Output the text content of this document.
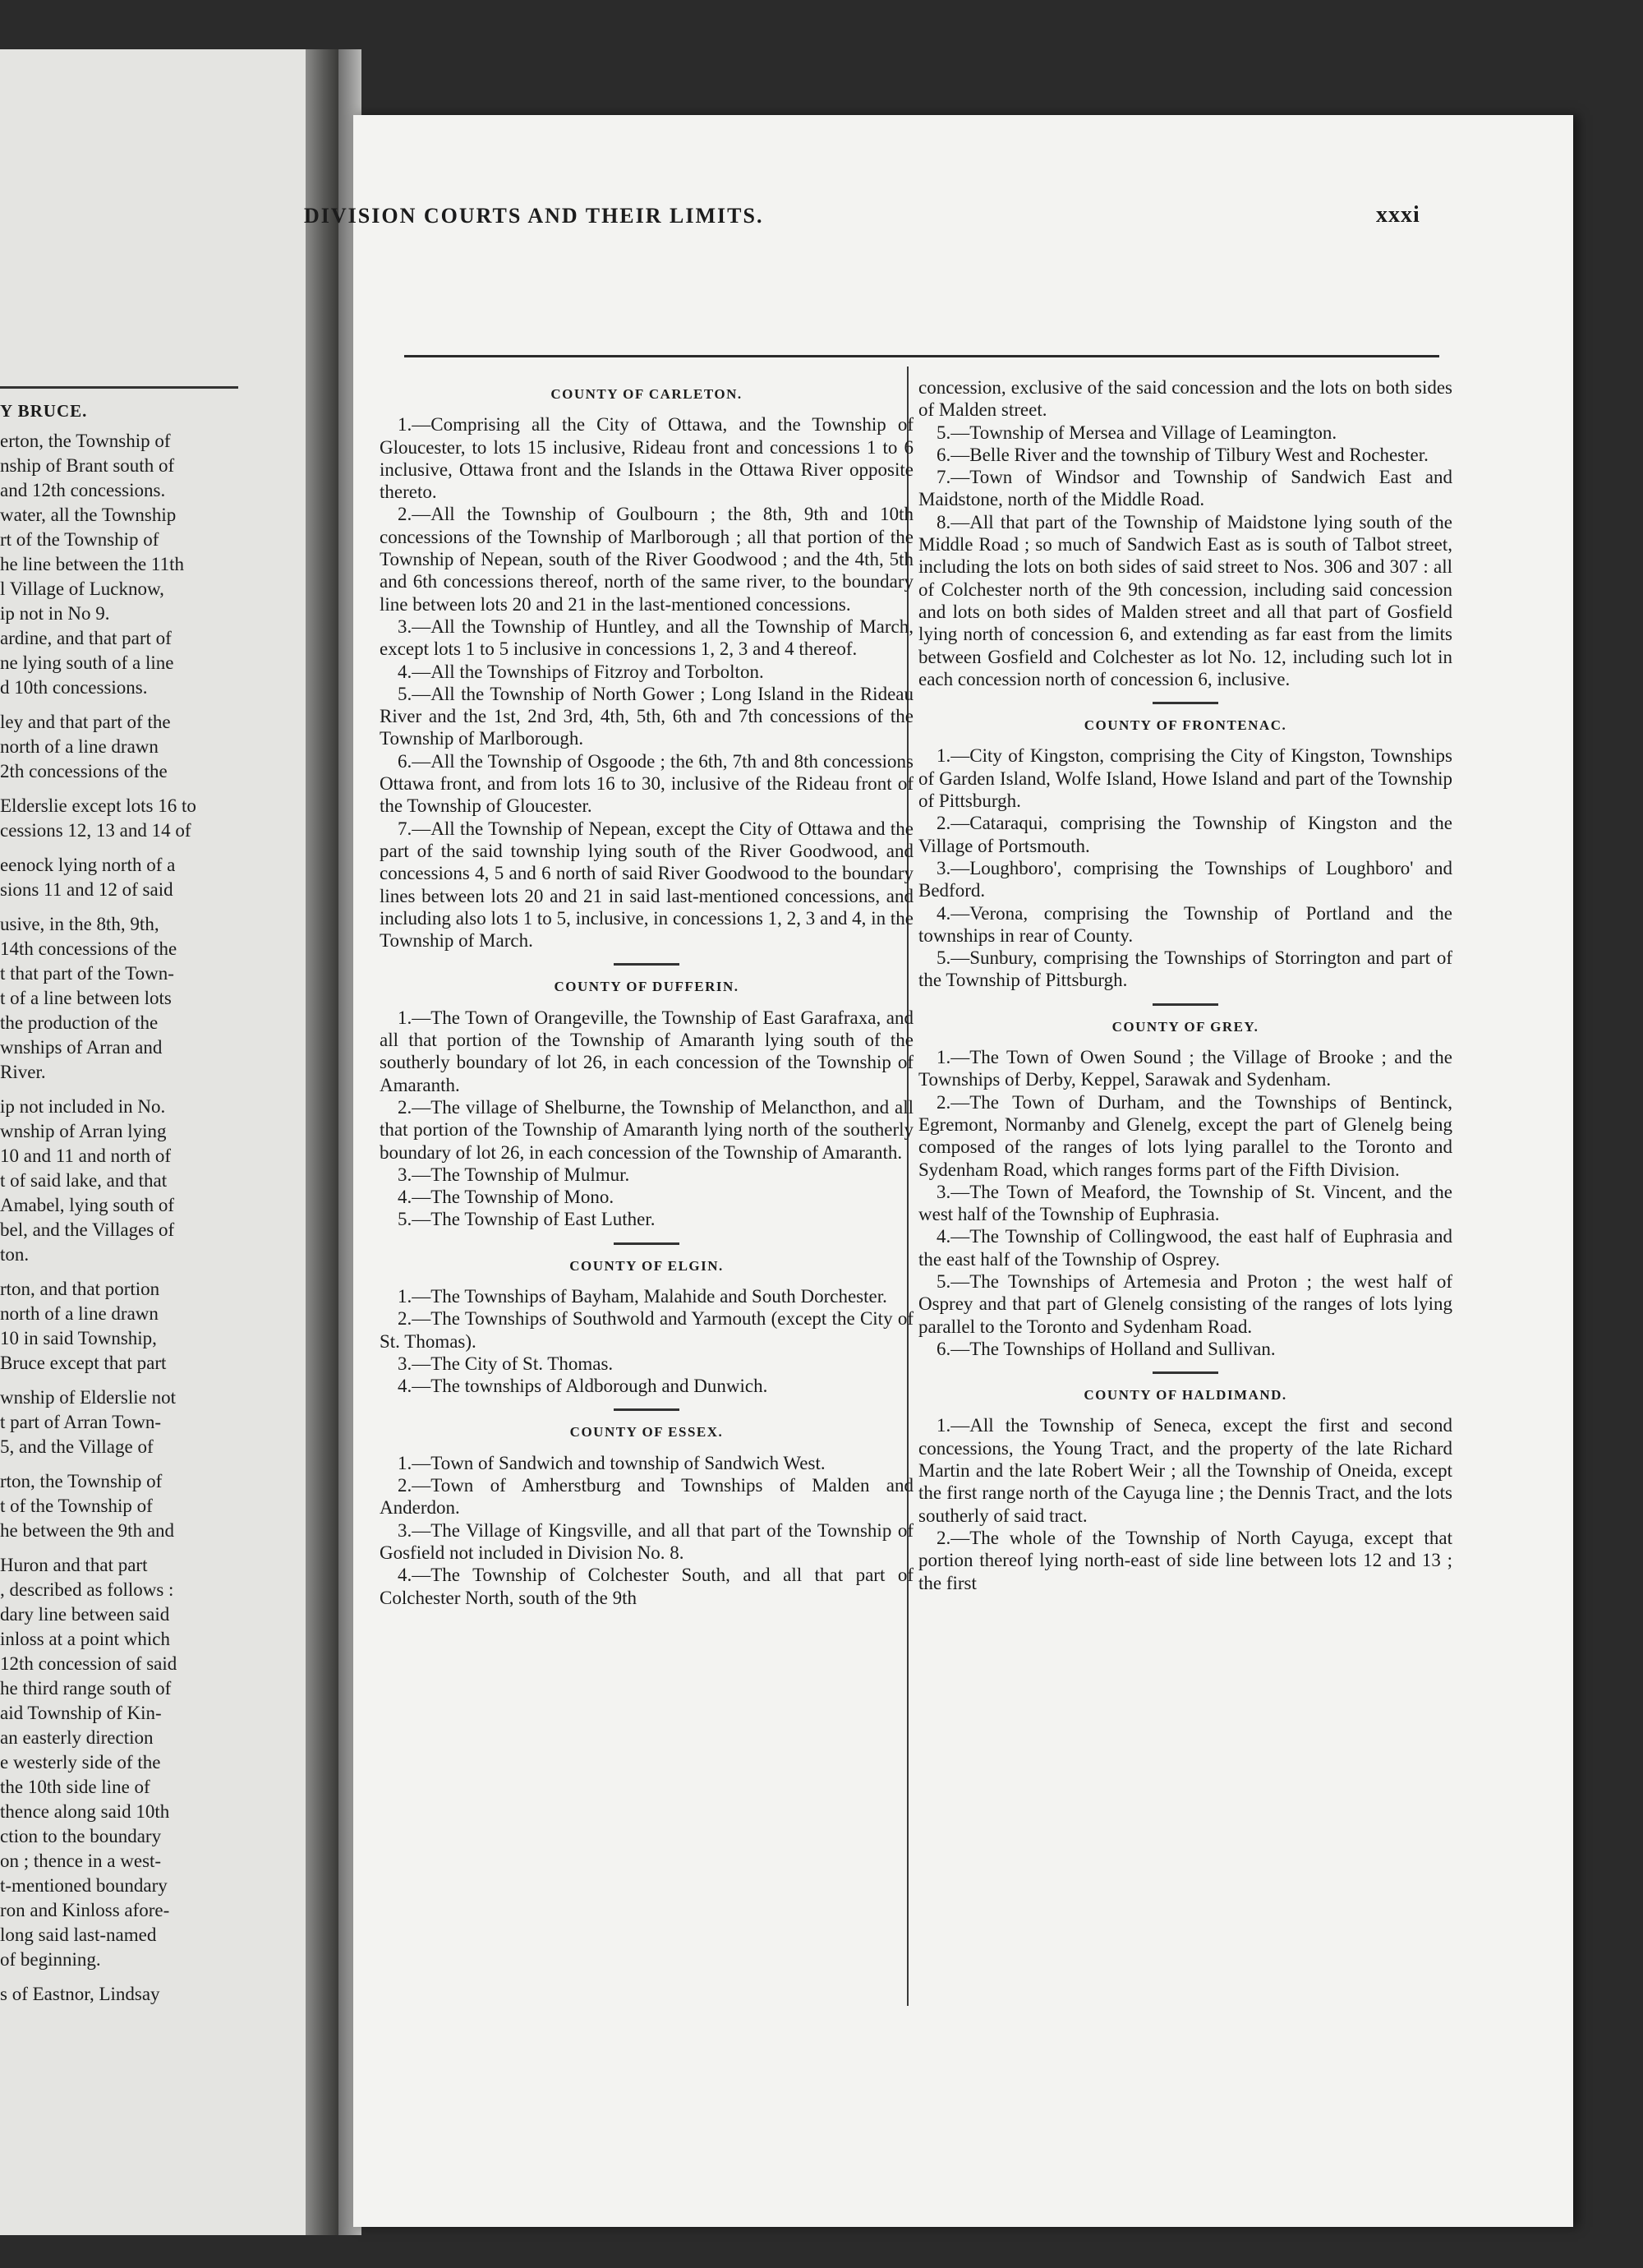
Y BRUCE.
erton, the Township of
nship of Brant south of
and 12th concessions.
water, all the Township
rt of the Township of
he line between the 11th
l Village of Lucknow,
ip not in No 9.
ardine, and that part of
ne lying south of a line
d 10th concessions.
ley and that part of the
north of a line drawn
2th concessions of the
Elderslie except lots 16 to
cessions 12, 13 and 14 of
eenock lying north of a
sions 11 and 12 of said
usive, in the 8th, 9th,
14th concessions of the
t that part of the Town-
t of a line between lots
the production of the
wnships of Arran and
River.
ip not included in No.
wnship of Arran lying
10 and 11 and north of
t of said lake, and that
Amabel, lying south of
bel, and the Villages of
ton.
rton, and that portion
north of a line drawn
10 in said Township,
Bruce except that part
wnship of Elderslie not
t part of Arran Town-
5, and the Village of
rton, the Township of
t of the Township of
he between the 9th and
Huron and that part
, described as follows :
dary line between said
inloss at a point which
12th concession of said
he third range south of
aid Township of Kin-
an easterly direction
e westerly side of the
the 10th side line of
thence along said 10th
ction to the boundary
on ; thence in a west-
t-mentioned boundary
ron and Kinloss afore-
long said last-named
of beginning.
s of Eastnor, Lindsay
DIVISION COURTS AND THEIR LIMITS.	xxxi
COUNTY OF CARLETON.

1.—Comprising all the City of Ottawa, and the Township of Gloucester, to lots 15 inclusive, Rideau front and concessions 1 to 6 inclusive, Ottawa front and the Islands in the Ottawa River opposite thereto.

2.—All the Township of Goulbourn ; the 8th, 9th and 10th concessions of the Township of Marlborough ; all that portion of the Township of Nepean, south of the River Goodwood ; and the 4th, 5th and 6th concessions thereof, north of the same river, to the boundary line between lots 20 and 21 in the last-mentioned concessions.

3.—All the Township of Huntley, and all the Township of March, except lots 1 to 5 inclusive in concessions 1, 2, 3 and 4 thereof.

4.—All the Townships of Fitzroy and Torbolton.

5.—All the Township of North Gower ; Long Island in the Rideau River and the 1st, 2nd 3rd, 4th, 5th, 6th and 7th concessions of the Township of Marlborough.

6.—All the Township of Osgoode ; the 6th, 7th and 8th concessions Ottawa front, and from lots 16 to 30, inclusive of the Rideau front of the Township of Gloucester.

7.—All the Township of Nepean, except the City of Ottawa and the part of the said township lying south of the River Goodwood, and concessions 4, 5 and 6 north of said River Goodwood to the boundary lines between lots 20 and 21 in said last-mentioned concessions, and including also lots 1 to 5, inclusive, in concessions 1, 2, 3 and 4, in the Township of March.

COUNTY OF DUFFERIN.

1.—The Town of Orangeville, the Township of East Garafraxa, and all that portion of the Township of Amaranth lying south of the southerly boundary of lot 26, in each concession of the Township of Amaranth.

2.—The village of Shelburne, the Township of Melancthon, and all that portion of the Township of Amaranth lying north of the southerly boundary of lot 26, in each concession of the Township of Amaranth.

3.—The Township of Mulmur.

4.—The Township of Mono.

5.—The Township of East Luther.

COUNTY OF ELGIN.

1.—The Townships of Bayham, Malahide and South Dorchester.

2.—The Townships of Southwold and Yarmouth (except the City of St. Thomas).

3.—The City of St. Thomas.

4.—The townships of Aldborough and Dunwich.

COUNTY OF ESSEX.

1.—Town of Sandwich and township of Sandwich West.

2.—Town of Amherstburg and Townships of Malden and Anderdon.

3.—The Village of Kingsville, and all that part of the Township of Gosfield not included in Division No. 8.

4.—The Township of Colchester South, and all that part of Colchester North, south of the 9th

concession, exclusive of the said concession and the lots on both sides of Malden street.

5.—Township of Mersea and Village of Leamington.

6.—Belle River and the township of Tilbury West and Rochester.

7.—Town of Windsor and Township of Sandwich East and Maidstone, north of the Middle Road.

8.—All that part of the Township of Maidstone lying south of the Middle Road ; so much of Sandwich East as is south of Talbot street, including the lots on both sides of said street to Nos. 306 and 307 : all of Colchester north of the 9th concession, including said concession and lots on both sides of Malden street and all that part of Gosfield lying north of concession 6, and extending as far east from the limits between Gosfield and Colchester as lot No. 12, including such lot in each concession north of concession 6, inclusive.

COUNTY OF FRONTENAC.

1.—City of Kingston, comprising the City of Kingston, Townships of Garden Island, Wolfe Island, Howe Island and part of the Township of Pittsburgh.

2.—Cataraqui, comprising the Township of Kingston and the Village of Portsmouth.

3.—Loughboro', comprising the Townships of Loughboro' and Bedford.

4.—Verona, comprising the Township of Portland and the townships in rear of County.

5.—Sunbury, comprising the Townships of Storrington and part of the Township of Pittsburgh.

COUNTY OF GREY.

1.—The Town of Owen Sound ; the Village of Brooke ; and the Townships of Derby, Keppel, Sarawak and Sydenham.

2.—The Town of Durham, and the Townships of Bentinck, Egremont, Normanby and Glenelg, except the part of Glenelg being composed of the ranges of lots lying parallel to the Toronto and Sydenham Road, which ranges forms part of the Fifth Division.

3.—The Town of Meaford, the Township of St. Vincent, and the west half of the Township of Euphrasia.

4.—The Township of Collingwood, the east half of Euphrasia and the east half of the Township of Osprey.

5.—The Townships of Artemesia and Proton ; the west half of Osprey and that part of Glenelg consisting of the ranges of lots lying parallel to the Toronto and Sydenham Road.

6.—The Townships of Holland and Sullivan.

COUNTY OF HALDIMAND.

1.—All the Township of Seneca, except the first and second concessions, the Young Tract, and the property of the late Richard Martin and the late Robert Weir ; all the Township of Oneida, except the first range north of the Cayuga line ; the Dennis Tract, and the lots southerly of said tract.

2.—The whole of the Township of North Cayuga, except that portion thereof lying north-east of side line between lots 12 and 13 ; the first
